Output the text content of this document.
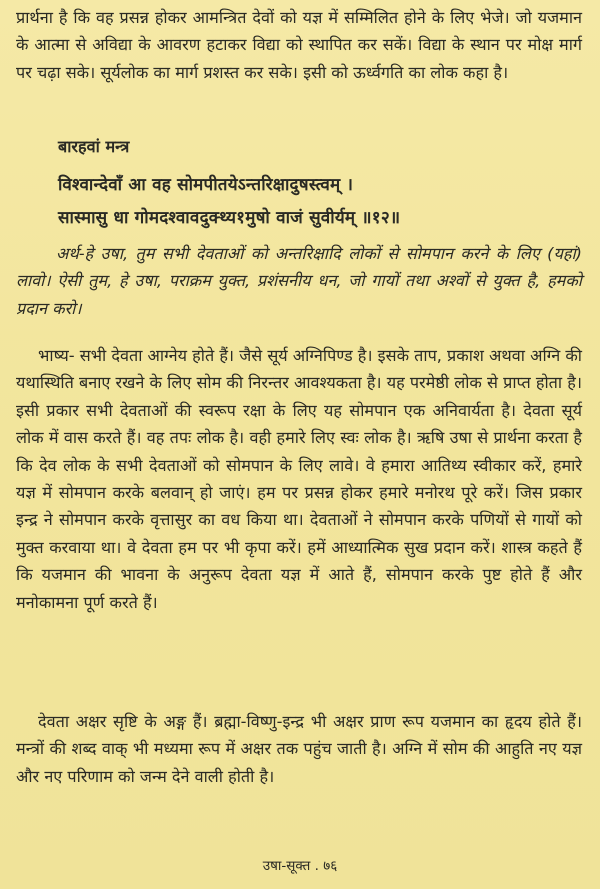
प्रार्थना है कि वह प्रसन्न होकर आमन्त्रित देवों को यज्ञ में सम्मिलित होने के लिए भेजे। जो यजमान के आत्मा से अविद्या के आवरण हटाकर विद्या को स्थापित कर सकें। विद्या के स्थान पर मोक्ष मार्ग पर चढ़ा सके। सूर्यलोक का मार्ग प्रशस्त कर सके। इसी को ऊर्ध्वगति का लोक कहा है।

बारहवां मन्त्र

विश्वान्देवाँ आ वह सोमपीतयेऽन्तरिक्षादुषस्त्वम् ।

सास्मासु धा गोमदश्वावदुक्थ्य१मुषो वाजं सुवीर्यम् ॥१२॥

अर्थ-हे उषा, तुम सभी देवताओं को अन्तरिक्षादि लोकों से सोमपान करने के लिए (यहां) लावो। ऐसी तुम, हे उषा, पराक्रम युक्त, प्रशंसनीय धन, जो गायों तथा अश्वों से युक्त है, हमको प्रदान करो।

भाष्य- सभी देवता आग्नेय होते हैं। जैसे सूर्य अग्निपिण्ड है। इसके ताप, प्रकाश अथवा अग्नि की यथास्थिति बनाए रखने के लिए सोम की निरन्तर आवश्यकता है। यह परमेष्ठी लोक से प्राप्त होता है। इसी प्रकार सभी देवताओं की स्वरूप रक्षा के लिए यह सोमपान एक अनिवार्यता है। देवता सूर्य लोक में वास करते हैं। वह तपः लोक है। वही हमारे लिए स्वः लोक है। ऋषि उषा से प्रार्थना करता है कि देव लोक के सभी देवताओं को सोमपान के लिए लावे। वे हमारा आतिथ्य स्वीकार करें, हमारे यज्ञ में सोमपान करके बलवान् हो जाएं। हम पर प्रसन्न होकर हमारे मनोरथ पूरे करें। जिस प्रकार इन्द्र ने सोमपान करके वृत्तासुर का वध किया था। देवताओं ने सोमपान करके पणियों से गायों को मुक्त करवाया था। वे देवता हम पर भी कृपा करें। हमें आध्यात्मिक सुख प्रदान करें। शास्त्र कहते हैं कि यजमान की भावना के अनुरूप देवता यज्ञ में आते हैं, सोमपान करके पुष्ट होते हैं और मनोकामना पूर्ण करते हैं।

देवता अक्षर सृष्टि के अङ्ग हैं। ब्रह्मा-विष्णु-इन्द्र भी अक्षर प्राण रूप यजमान का हृदय होते हैं। मन्त्रों की शब्द वाक् भी मध्यमा रूप में अक्षर तक पहुंच जाती है। अग्नि में सोम की आहुति नए यज्ञ और नए परिणाम को जन्म देने वाली होती है।

उषा-सूक्त . ७६
